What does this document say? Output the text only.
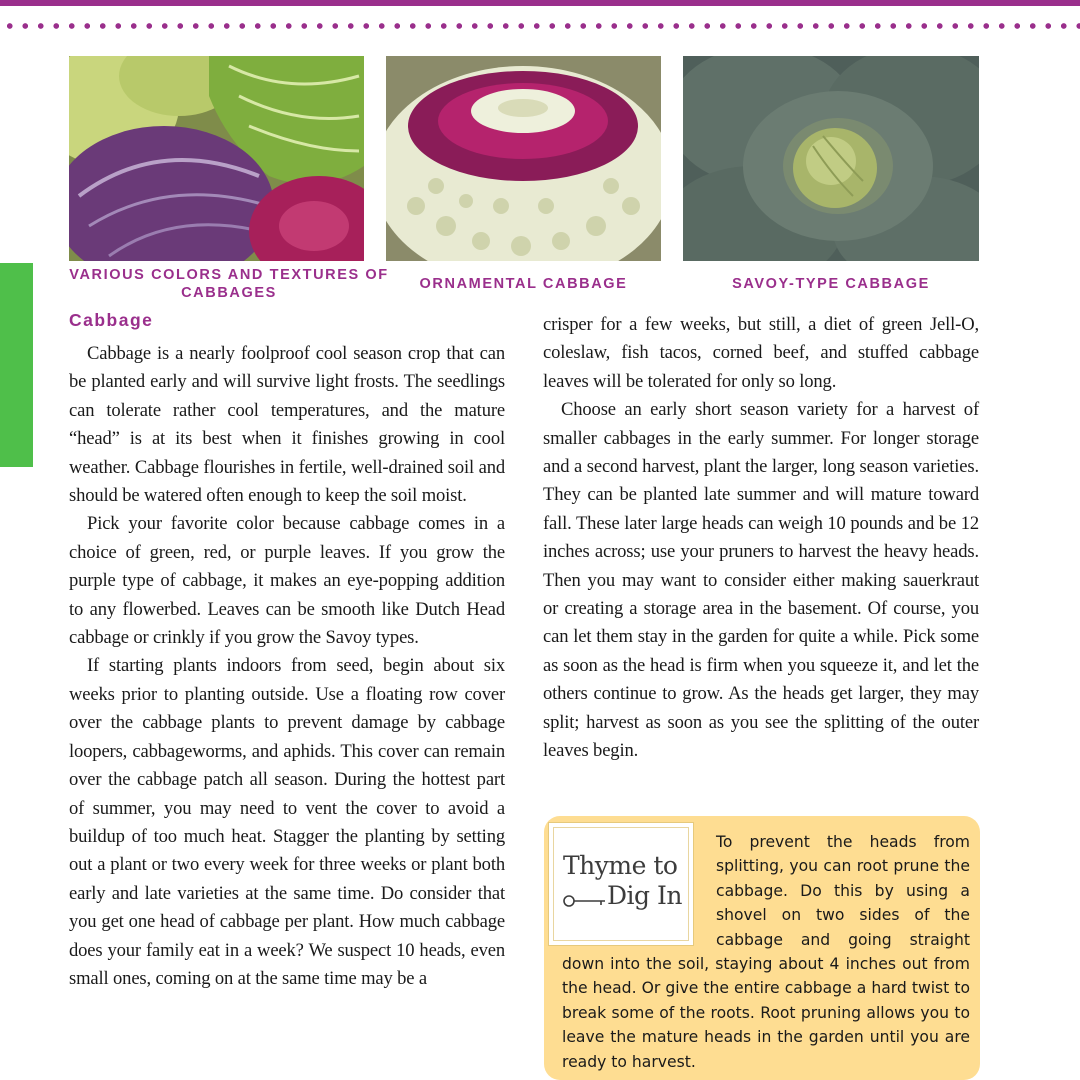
VARIOUS COLORS AND TEXTURES OF CABBAGES
ORNAMENTAL CABBAGE	SAVOY-TYPE CABBAGE
Cabbage

Cabbage is a nearly foolproof cool season crop that can be planted early and will survive light frosts. The seedlings can tolerate rather cool temperatures, and the mature “head” is at its best when it finishes growing in cool weather. Cabbage flourishes in fertile, well-drained soil and should be watered often enough to keep the soil moist.

Pick your favorite color because cabbage comes in a choice of green, red, or purple leaves. If you grow the purple type of cabbage, it makes an eye-popping addition to any flowerbed. Leaves can be smooth like Dutch Head cabbage or crinkly if you grow the Savoy types.

If starting plants indoors from seed, begin about six weeks prior to planting outside. Use a floating row cover over the cabbage plants to prevent damage by cabbage loopers, cabbageworms, and aphids. This cover can remain over the cabbage patch all season. During the hottest part of summer, you may need to vent the cover to avoid a buildup of too much heat. Stagger the planting by setting out a plant or two every week for three weeks or plant both early and late varieties at the same time. Do consider that you get one head of cabbage per plant. How much cabbage does your family eat in a week? We suspect 10 heads, even small ones, coming on at the same time may be a

crisper for a few weeks, but still, a diet of green Jell-O, coleslaw, fish tacos, corned beef, and stuffed cabbage leaves will be tolerated for only so long.

Choose an early short season variety for a harvest of smaller cabbages in the early summer. For longer storage and a second harvest, plant the larger, long season varieties. They can be planted late summer and will mature toward fall. These later large heads can weigh 10 pounds and be 12 inches across; use your pruners to harvest the heavy heads. Then you may want to consider either making sauerkraut or creating a storage area in the basement. Of course, you can let them stay in the garden for quite a while. Pick some as soon as the head is firm when you squeeze it, and let the others continue to grow. As the heads get larger, they may split; harvest as soon as you see the splitting of the outer leaves begin.

Thyme to
Dig In
To prevent the heads from splitting, you can root prune the cabbage. Do this by using a shovel on two sides of the cabbage and going straight down into the soil, staying about 4 inches out from the head. Or give the entire cabbage a hard twist to break some of the roots. Root pruning allows you to leave the mature heads in the garden until you are ready to harvest.
